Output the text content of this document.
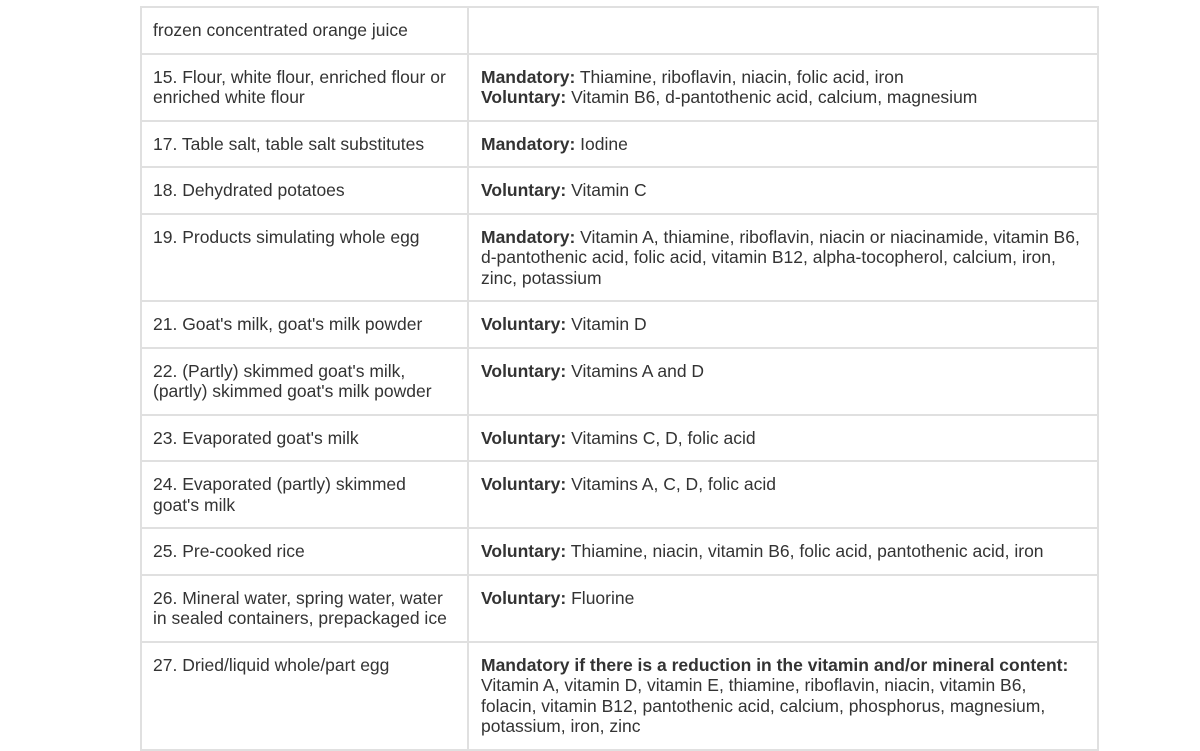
frozen concentrated orange juice	
15. Flour, white flour, enriched flour or enriched white flour	Mandatory: Thiamine, riboflavin, niacin, folic acid, iron
Voluntary: Vitamin B6, d-pantothenic acid, calcium, magnesium

17. Table salt, table salt substitutes	Mandatory: Iodine

18. Dehydrated potatoes	Voluntary: Vitamin C

19. Products simulating whole egg	Mandatory: Vitamin A, thiamine, riboflavin, niacin or niacinamide, vitamin B6, d-pantothenic acid, folic acid, vitamin B12, alpha-tocopherol, calcium, iron, zinc, potassium

21. Goat's milk, goat's milk powder	Voluntary: Vitamin D

22. (Partly) skimmed goat's milk, (partly) skimmed goat's milk powder	Voluntary: Vitamins A and D

23. Evaporated goat's milk	Voluntary: Vitamins C, D, folic acid

24. Evaporated (partly) skimmed goat's milk	Voluntary: Vitamins A, C, D, folic acid

25. Pre-cooked rice	Voluntary: Thiamine, niacin, vitamin B6, folic acid, pantothenic acid, iron

26. Mineral water, spring water, water in sealed containers, prepackaged ice	Voluntary: Fluorine

27. Dried/liquid whole/part egg	Mandatory if there is a reduction in the vitamin and/or mineral content: Vitamin A, vitamin D, vitamin E, thiamine, riboflavin, niacin, vitamin B6, folacin, vitamin B12, pantothenic acid, calcium, phosphorus, magnesium, potassium, iron, zinc
